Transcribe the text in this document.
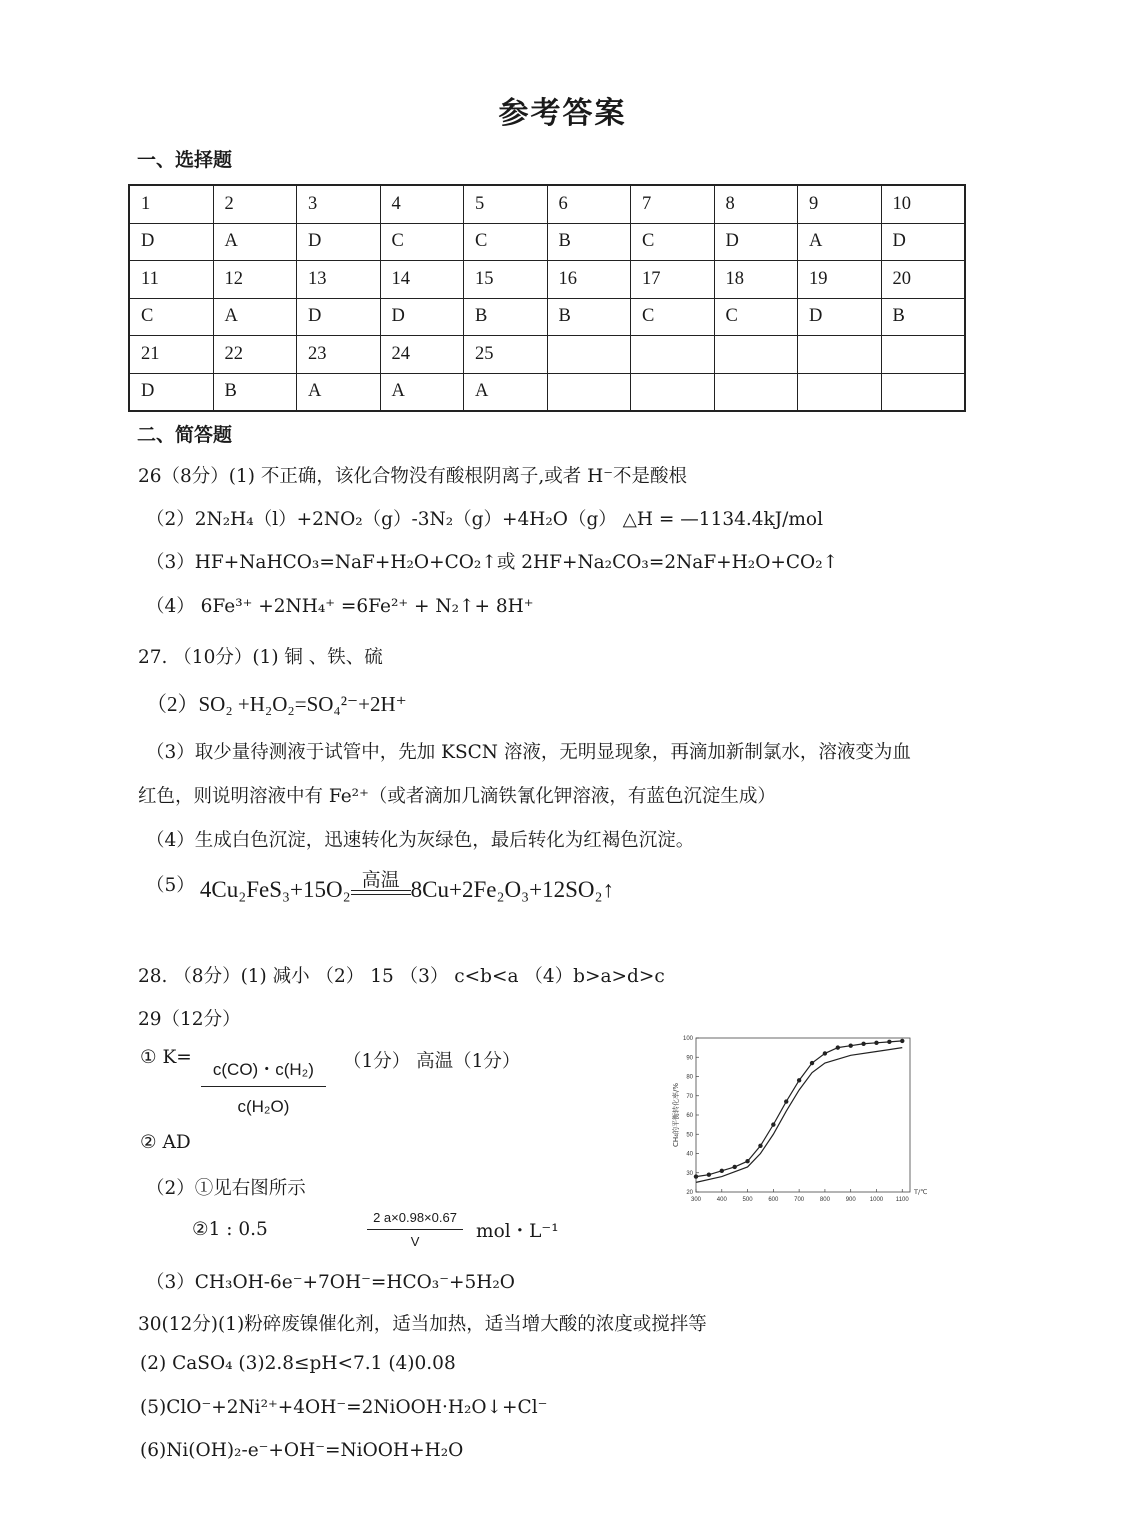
参考答案
一、选择题
1	2	3	4	5	6	7	8	9	10
D	A	D	C	C	B	C	D	A	D
11	12	13	14	15	16	17	18	19	20
C	A	D	D	B	B	C	C	D	B
21	22	23	24	25					
D	B	A	A	A					
二、简答题
26（8分）(1) 不正确，该化合物没有酸根阴离子,或者 H⁻不是酸根
（2）2N₂H₄（l）+2NO₂（g）-3N₂（g）+4H₂O（g） △H = —1134.4kJ/mol
（3）HF+NaHCO₃=NaF+H₂O+CO₂↑或 2HF+Na₂CO₃=2NaF+H₂O+CO₂↑
（4） 6Fe³⁺ +2NH₄⁺ =6Fe²⁺ + N₂↑+ 8H⁺
27. （10分）(1) 铜 、铁、硫
（2）SO₂ +H₂O₂=SO₄²⁻+2H⁺
（3）取少量待测液于试管中，先加 KSCN 溶液，无明显现象，再滴加新制氯水，溶液变为血
红色，则说明溶液中有 Fe²⁺（或者滴加几滴铁氰化钾溶液，有蓝色沉淀生成）
（4）生成白色沉淀，迅速转化为灰绿色，最后转化为红褐色沉淀。
（5） 4Cu₂FeS₃+15O₂ 高温 8Cu+2Fe₂O₃+12SO₂↑
28. （8分）(1) 减小 （2） 15 （3） c<b<a （4）b>a>d>c
29（12分）
① $K= \frac{\text{c(CO)・c(H₂)}}{\text{c(H₂O)}} (1$分） 高温（1分）
② AD
（2）①见右图所示
②1 : 0.5	$\frac{2 a\times 0.98\times 0.67}{V}$ mol・L⁻¹
（3）CH₃OH-6e⁻+7OH⁻=HCO₃⁻+5H₂O
300	400	500	600	700	800	900 1000 1100
20
30
40
50
60
70
80
90
100
T/℃
CH₄的平衡转化率/%
30(12分)(1)粉碎废镍催化剂，适当加热，适当增大酸的浓度或搅拌等
(2) CaSO₄ (3)2.8≤pH<7.1 (4)0.08
(5)ClO⁻+2Ni²⁺+4OH⁻=2NiOOH·H₂O↓+Cl⁻
(6)Ni(OH)₂-e⁻+OH⁻=NiOOH+H₂O
